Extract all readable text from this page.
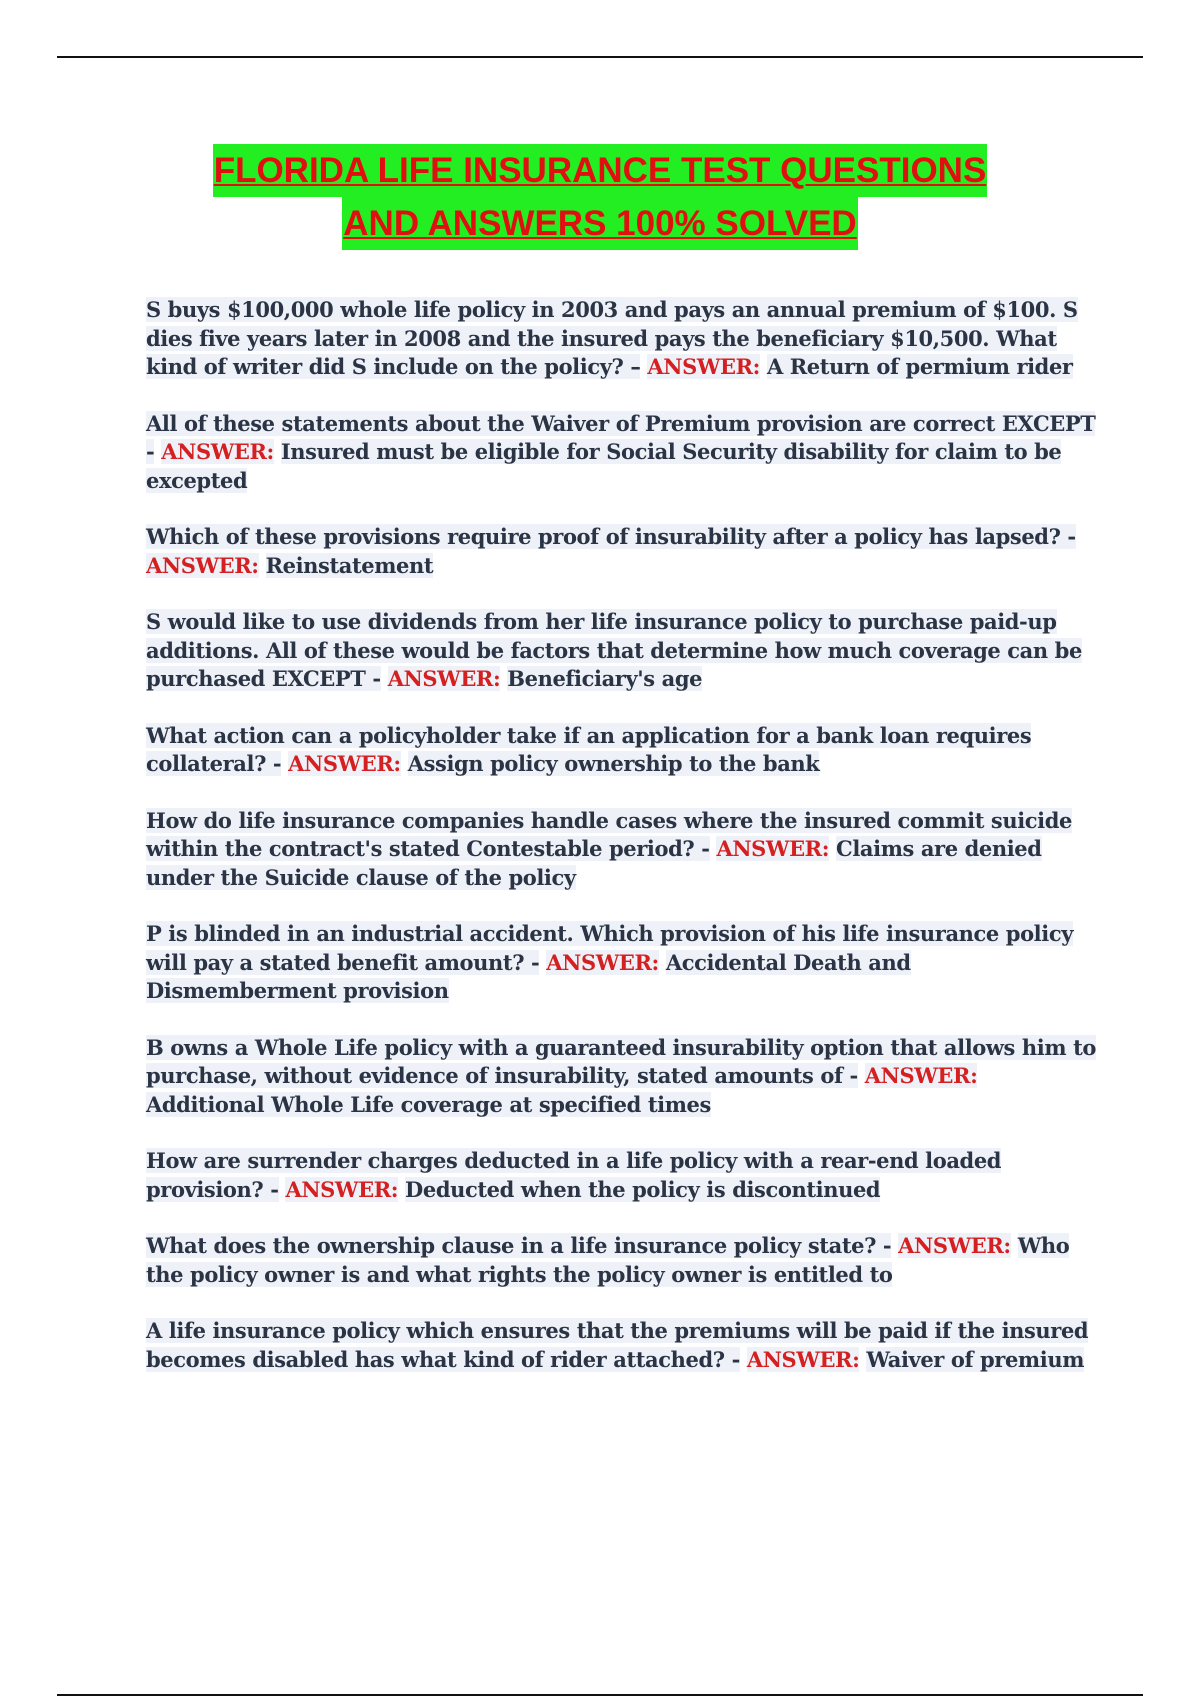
FLORIDA LIFE INSURANCE TEST QUESTIONS
AND ANSWERS 100% SOLVED
S buys $100,000 whole life policy in 2003 and pays an annual premium of $100. S dies five years later in 2008 and the insured pays the beneficiary $10,500. What kind of writer did S include on the policy? – ANSWER: A Return of permium rider
All of these statements about the Waiver of Premium provision are correct EXCEPT - ANSWER: Insured must be eligible for Social Security disability for claim to be excepted
Which of these provisions require proof of insurability after a policy has lapsed? - ANSWER: Reinstatement
S would like to use dividends from her life insurance policy to purchase paid-up additions. All of these would be factors that determine how much coverage can be purchased EXCEPT - ANSWER: Beneficiary's age
What action can a policyholder take if an application for a bank loan requires collateral? - ANSWER: Assign policy ownership to the bank
How do life insurance companies handle cases where the insured commit suicide within the contract's stated Contestable period? - ANSWER: Claims are denied under the Suicide clause of the policy
P is blinded in an industrial accident. Which provision of his life insurance policy will pay a stated benefit amount? - ANSWER: Accidental Death and Dismemberment provision
B owns a Whole Life policy with a guaranteed insurability option that allows him to purchase, without evidence of insurability, stated amounts of - ANSWER: Additional Whole Life coverage at specified times
How are surrender charges deducted in a life policy with a rear-end loaded provision? - ANSWER: Deducted when the policy is discontinued
What does the ownership clause in a life insurance policy state? - ANSWER: Who the policy owner is and what rights the policy owner is entitled to
A life insurance policy which ensures that the premiums will be paid if the insured becomes disabled has what kind of rider attached? - ANSWER: Waiver of premium
